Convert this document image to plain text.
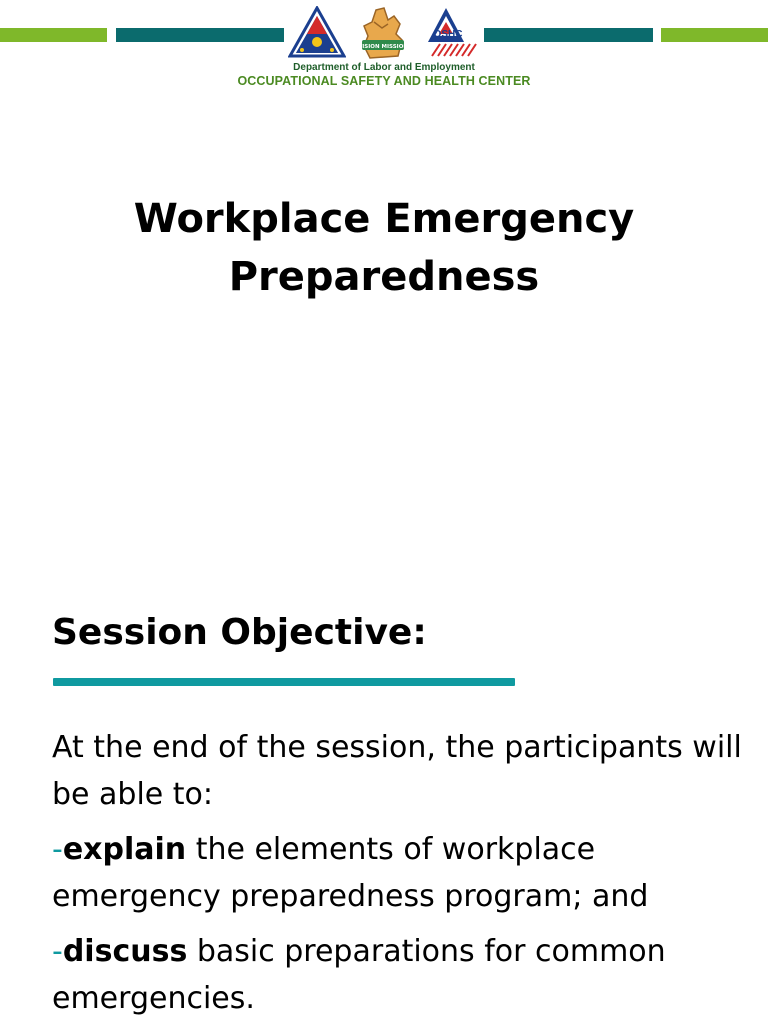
VISION MISSION
OSHC
Department of Labor and Employment
OCCUPATIONAL SAFETY AND HEALTH CENTER
Workplace Emergency
Preparedness
Session Objective:

At the end of the session, the participants will be able to:

-explain the elements of workplace emergency preparedness program; and

-discuss basic preparations for common emergencies.
